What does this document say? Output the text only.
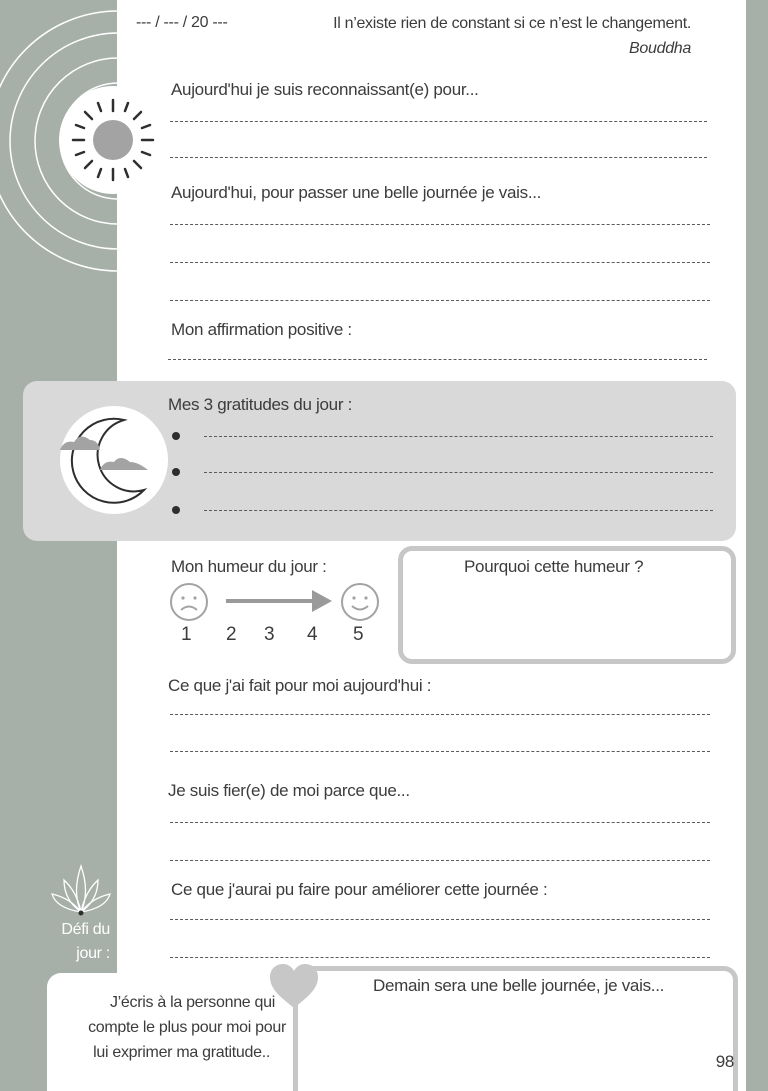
--- / --- / 20 ---	Il n’existe rien de constant si ce n’est le changement.
Bouddha
Aujourd'hui je suis reconnaissant(e) pour...
Aujourd'hui, pour passer une belle journée je vais...
Mon affirmation positive :
Mes 3 gratitudes du jour :
Mon humeur du jour :
1 2 3 4 5
Pourquoi cette humeur ?
Ce que j'ai fait pour moi aujourd'hui :
Je suis fier(e) de moi parce que...
Ce que j'aurai pu faire pour améliorer cette journée :
Défi du
jour :
J’écris à la personne qui
compte le plus pour moi pour
lui exprimer ma gratitude..
Demain sera une belle journée, je vais...
98
